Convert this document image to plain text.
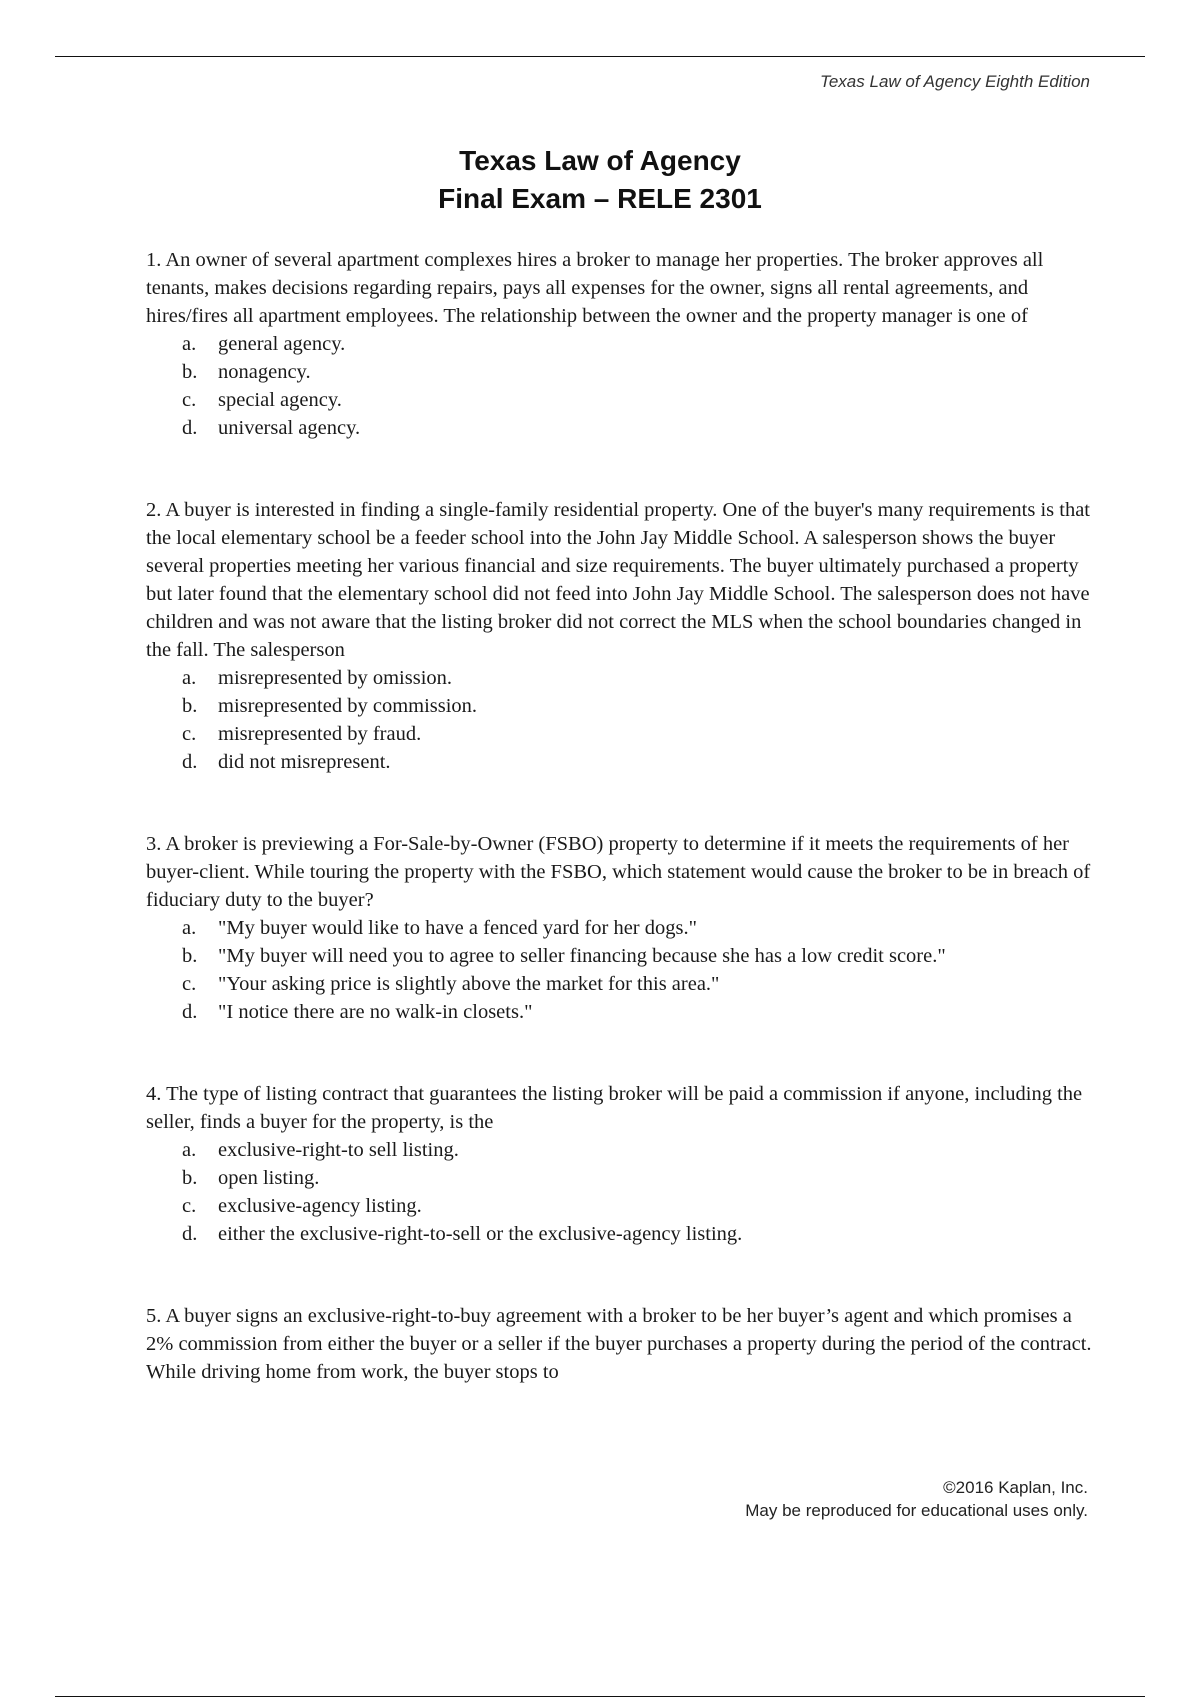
Texas Law of Agency Eighth Edition
Texas Law of Agency
Final Exam – RELE 2301

1. An owner of several apartment complexes hires a broker to manage her properties. The broker approves all tenants, makes decisions regarding repairs, pays all expenses for the owner, signs all rental agreements, and hires/fires all apartment employees. The relationship between the owner and the property manager is one of

a.	general agency.
b.	nonagency.
c.	special agency.
d.	universal agency.

2. A buyer is interested in finding a single-family residential property. One of the buyer's many requirements is that the local elementary school be a feeder school into the John Jay Middle School. A salesperson shows the buyer several properties meeting her various financial and size requirements. The buyer ultimately purchased a property but later found that the elementary school did not feed into John Jay Middle School. The salesperson does not have children and was not aware that the listing broker did not correct the MLS when the school boundaries changed in the fall. The salesperson

a.	misrepresented by omission.
b.	misrepresented by commission.
c.	misrepresented by fraud.
d.	did not misrepresent.

3. A broker is previewing a For-Sale-by-Owner (FSBO) property to determine if it meets the requirements of her buyer-client. While touring the property with the FSBO, which statement would cause the broker to be in breach of fiduciary duty to the buyer?

a.	"My buyer would like to have a fenced yard for her dogs."
b.	"My buyer will need you to agree to seller financing because she has a low credit score."
c.	"Your asking price is slightly above the market for this area."
d.	"I notice there are no walk-in closets."

4. The type of listing contract that guarantees the listing broker will be paid a commission if anyone, including the seller, finds a buyer for the property, is the

a.	exclusive-right-to sell listing.
b.	open listing.
c.	exclusive-agency listing.
d.	either the exclusive-right-to-sell or the exclusive-agency listing.

5. A buyer signs an exclusive-right-to-buy agreement with a broker to be her buyer’s agent and which promises a 2% commission from either the buyer or a seller if the buyer purchases a property during the period of the contract. While driving home from work, the buyer stops to

©2016 Kaplan, Inc.
May be reproduced for educational uses only.
